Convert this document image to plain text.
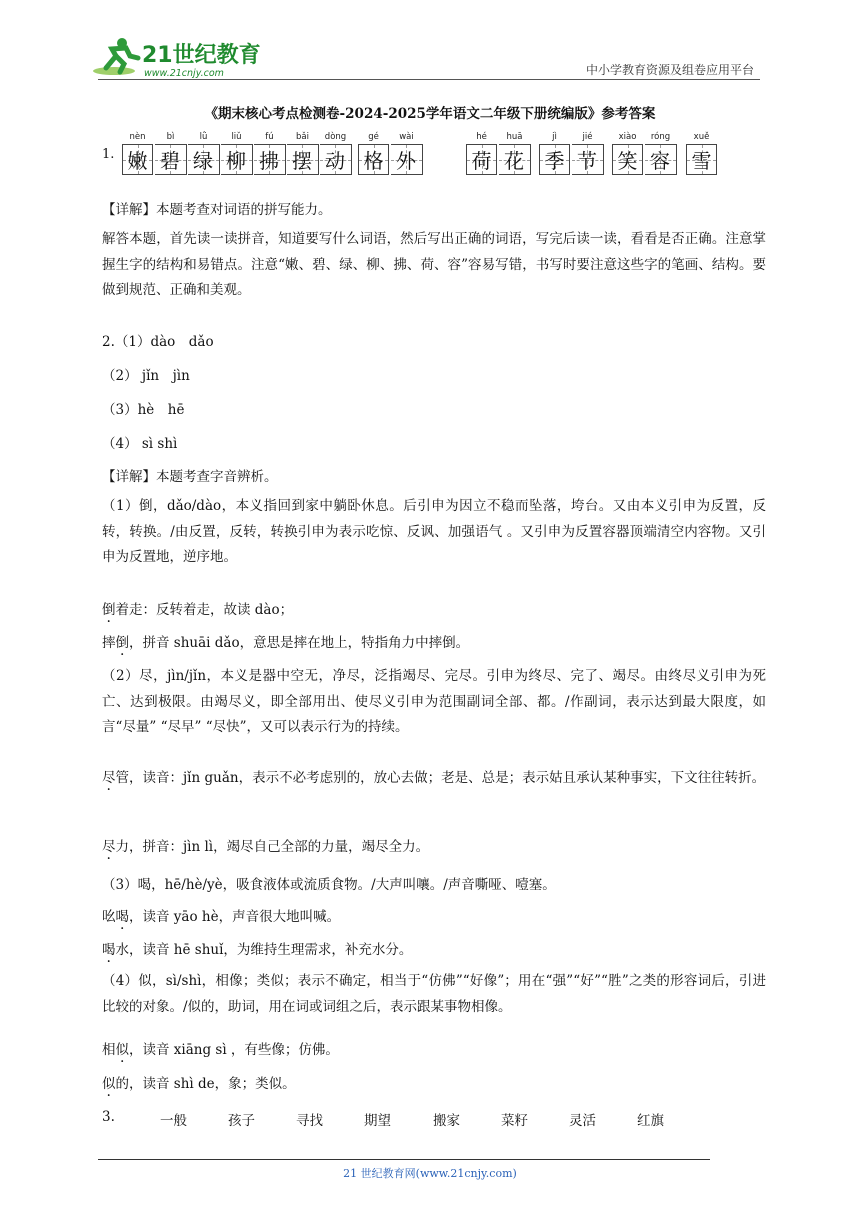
21世纪教育
www.21cnjy.com	中小学教育资源及组卷应用平台
《期末核心考点检测卷-2024-2025学年语文二年级下册统编版》参考答案
1.
nèn
嫩
bì
碧
lǜ
绿
liǔ
柳
fú
拂
bǎi
摆
dòng
动
gé
格
wài
外
hé
荷
huā
花
jì
季
jié
节
xiào
笑
róng
容
xuě
雪
【详解】本题考查对词语的拼写能力。
解答本题，首先读一读拼音，知道要写什么词语，然后写出正确的词语，写完后读一读，看看是否正确。注意掌握生字的结构和易错点。注意“嫩、碧、绿、柳、拂、荷、容”容易写错，书写时要注意这些字的笔画、结构。要做到规范、正确和美观。
2.（1）dào　dǎo
（2） jǐn　jìn
（3）hè　hē
（4） sì shì
【详解】本题考查字音辨析。
（1）倒，dǎo/dào，本义指回到家中躺卧休息。后引申为因立不稳而坠落，垮台。又由本义引申为反置，反转，转换。/由反置，反转，转换引申为表示吃惊、反讽、加强语气 。又引申为反置容器顶端清空内容物。又引申为反置地，逆序地。
倒着走：反转着走，故读 dào；
摔倒，拼音 shuāi dǎo，意思是摔在地上，特指角力中摔倒。
（2）尽，jìn/jǐn，本义是器中空无，净尽，泛指竭尽、完尽。引申为终尽、完了、竭尽。由终尽义引申为死亡、达到极限。由竭尽义，即全部用出、使尽义引申为范围副词全部、都。/作副词，表示达到最大限度，如言“尽量” “尽早” “尽快”，又可以表示行为的持续。
尽管，读音：jǐn guǎn，表示不必考虑别的，放心去做；老是、总是；表示姑且承认某种事实，下文往往转折。
尽力，拼音：jìn lì，竭尽自己全部的力量，竭尽全力。
（3）喝，hē/hè/yè，吸食液体或流质食物。/大声叫嚷。/声音嘶哑、噎塞。
吆喝，读音 yāo hè，声音很大地叫喊。
喝水，读音 hē shuǐ，为维持生理需求，补充水分。
（4）似，sì/shì，相像；类似；表示不确定，相当于“仿佛”“好像”；用在“强”“好”“胜”之类的形容词后，引进比较的对象。/似的，助词，用在词或词组之后，表示跟某事物相像。
相似，读音 xiāng sì ，有些像；仿佛。
似的，读音 shì de，象；类似。
3.	一般	孩子	寻找	期望	搬家	菜籽	灵活	红旗
21 世纪教育网(www.21cnjy.com)
